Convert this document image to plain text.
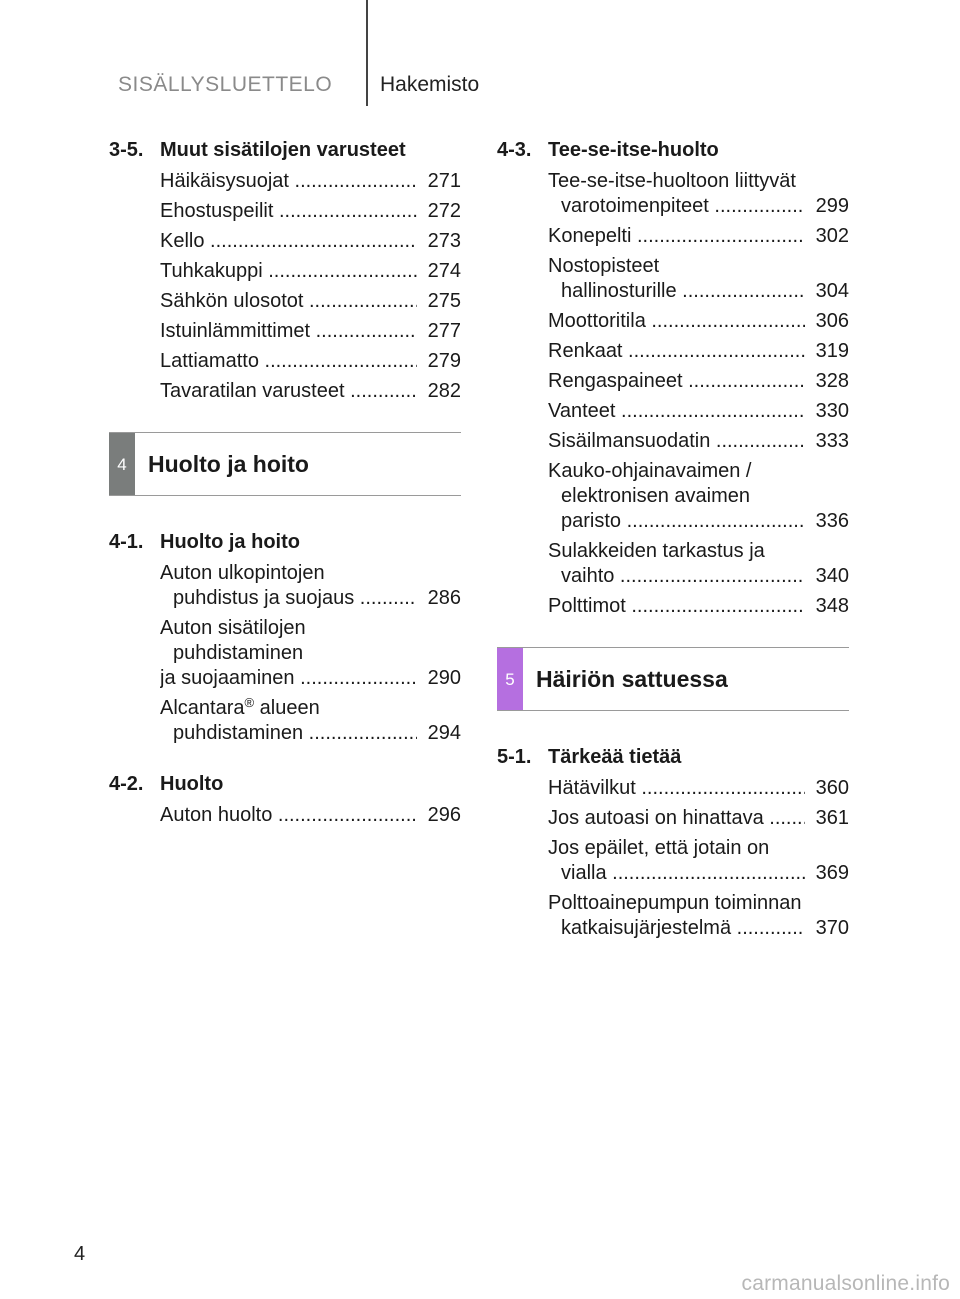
SISÄLLYSLUETTELO Hakemisto
3-5. Muut sisätilojen varusteet
Häikäisysuojat .....	271
Ehostuspeilit .....	272
Kello .....	273
Tuhkakuppi .....	274
Sähkön ulosotot .....	275
Istuinlämmittimet .....	277
Lattiamatto .....	279
Tavaratilan varusteet .....	282
4 Huolto ja hoito
4-1. Huolto ja hoito
Auton ulkopintojen
puhdistus ja suojaus .....	286
Auton sisätilojen
puhdistaminen
ja suojaaminen .....	290
Alcantara® alueen
puhdistaminen .....	294
4-2. Huolto
Auton huolto .....	296
4-3. Tee-se-itse-huolto
Tee-se-itse-huoltoon liittyvät
varotoimenpiteet .....	299
Konepelti .....	302
Nostopisteet
hallinosturille .....	304
Moottoritila .....	306
Renkaat .....	319
Rengaspaineet .....	328
Vanteet .....	330
Sisäilmansuodatin .....	333
Kauko-ohjainavaimen /
elektronisen avaimen
paristo .....	336
Sulakkeiden tarkastus ja
vaihto .....	340
Polttimot .....	348
5 Häiriön sattuessa
5-1. Tärkeää tietää
Hätävilkut .....	360
Jos autoasi on hinattava .....	361
Jos epäilet, että jotain on
vialla .....	369
Polttoainepumpun toiminnan
katkaisujärjestelmä .....	370
4
carmanualsonline.info
